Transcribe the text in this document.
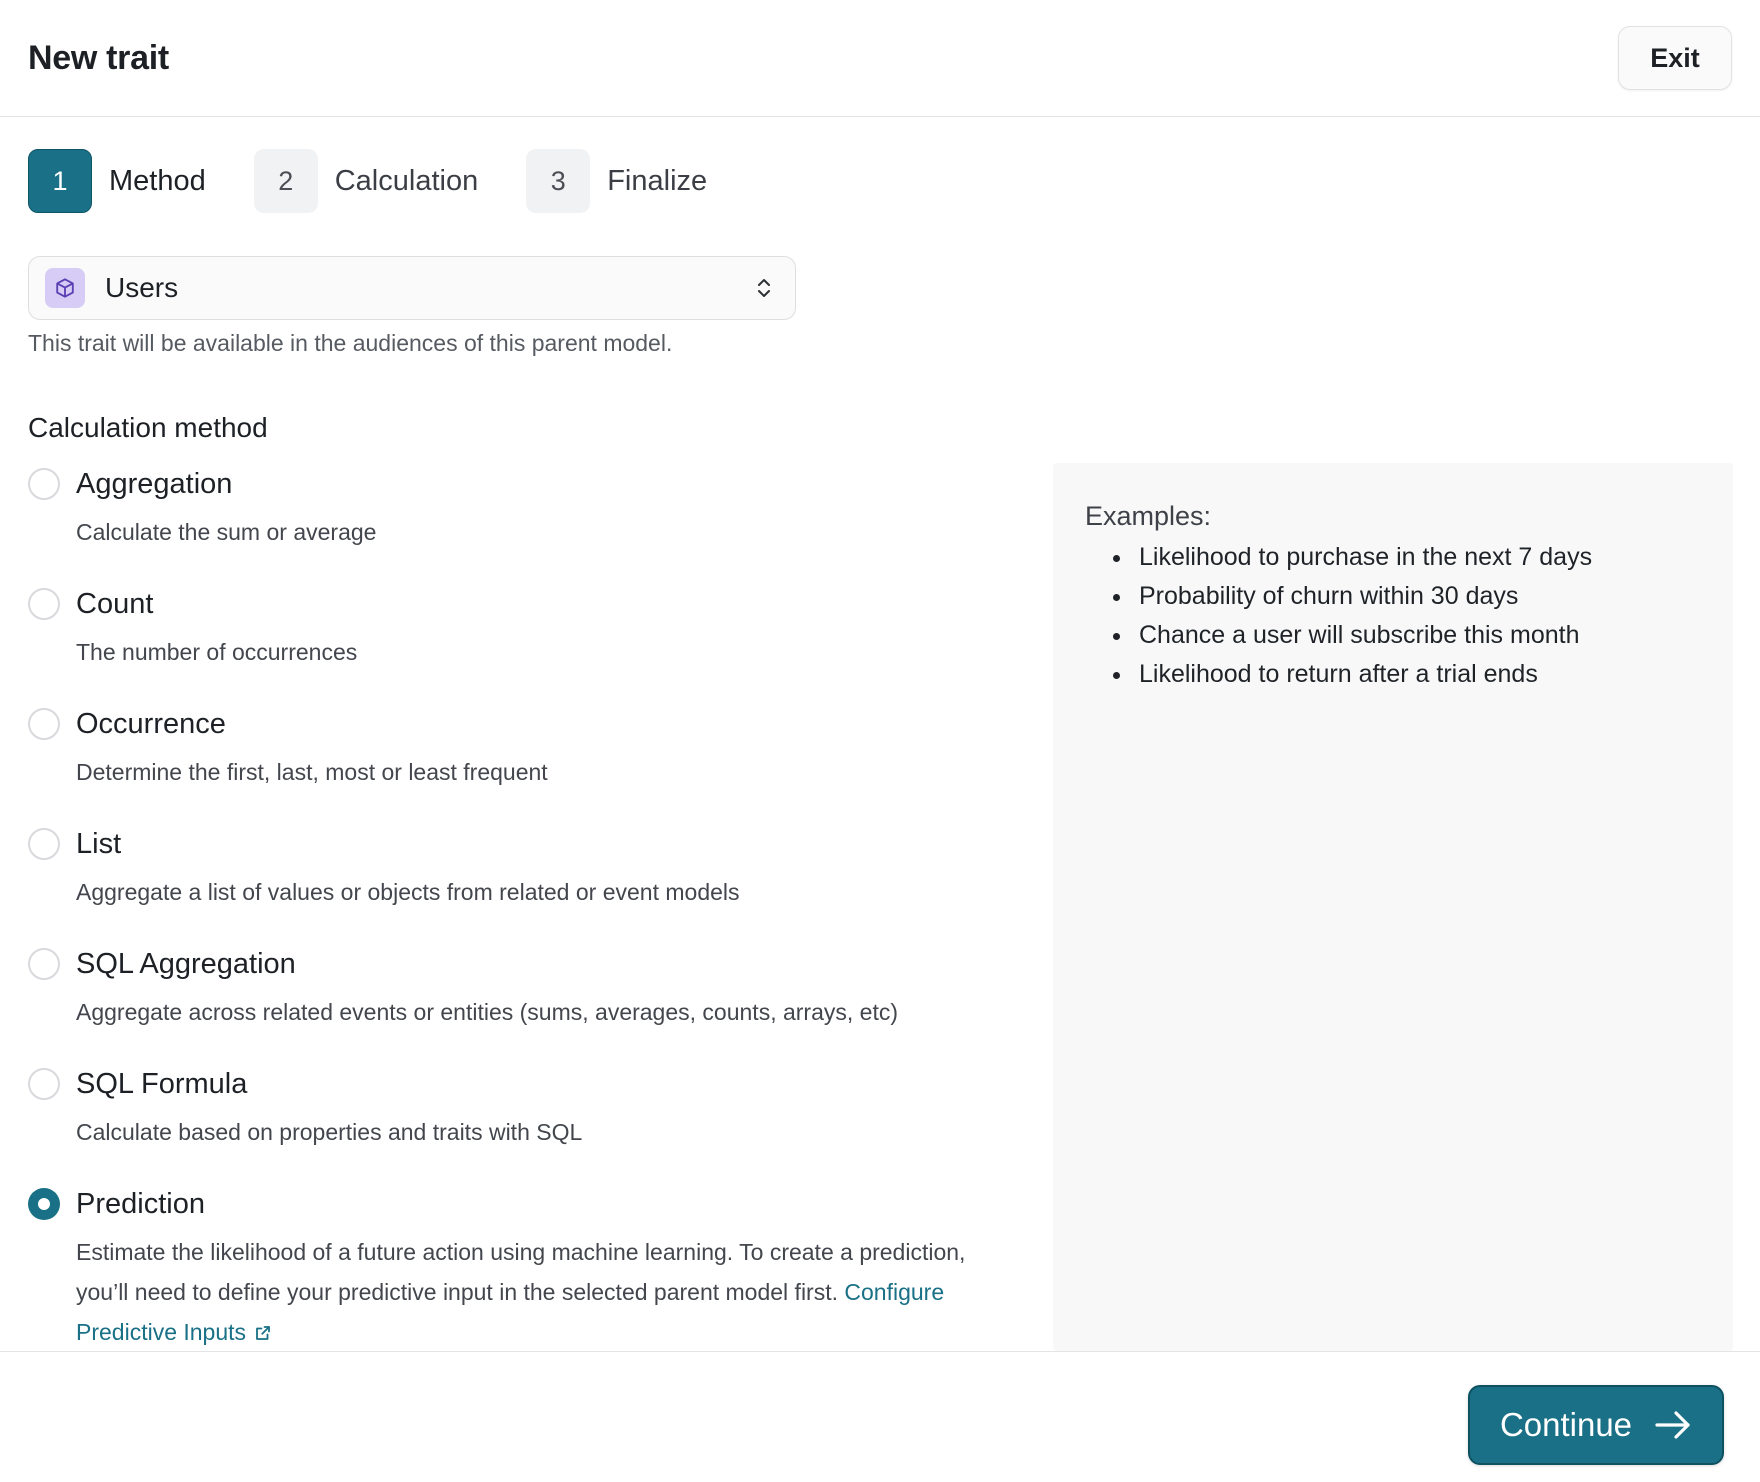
New trait	Exit
1	Method	2	Calculation	3	Finalize
Users
This trait will be available in the audiences of this parent model.
Calculation method
Aggregation
Calculate the sum or average
Count
The number of occurrences
Occurrence
Determine the first, last, most or least frequent
List
Aggregate a list of values or objects from related or event models
SQL Aggregation
Aggregate across related events or entities (sums, averages, counts, arrays, etc)
SQL Formula
Calculate based on properties and traits with SQL
Prediction
Estimate the likelihood of a future action using machine learning. To create a prediction, you’ll need to define your predictive input in the selected parent model first. Configure Predictive Inputs
Examples:
Likelihood to purchase in the next 7 days
Probability of churn within 30 days
Chance a user will subscribe this month
Likelihood to return after a trial ends
Continue
